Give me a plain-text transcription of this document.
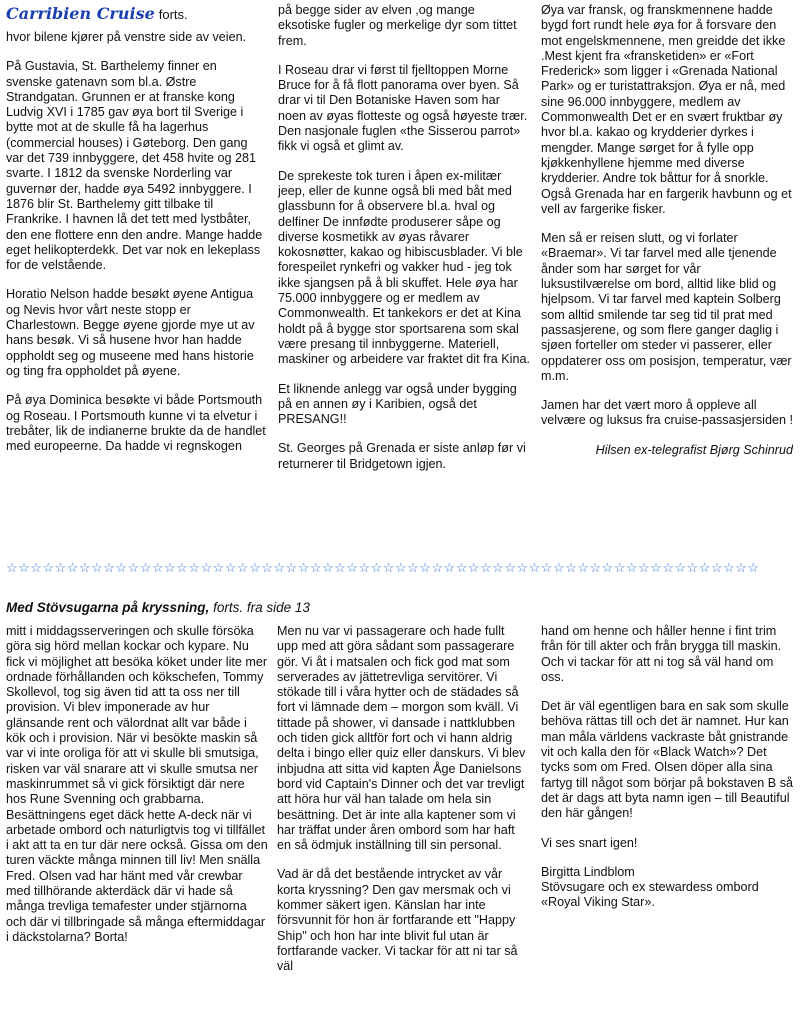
Carribien Cruise forts.

hvor bilene kjører på venstre side av veien.

På Gustavia, St. Barthelemy finner en svenske gatenavn som bl.a. Østre Strandgatan. Grunnen er at franske kong Ludvig XVI i 1785 gav øya bort til Sverige i bytte mot at de skulle få ha lagerhus (commercial houses) i Gøteborg. Den gang var det 739 innbyggere, det 458 hvite og 281 svarte. I 1812 da svenske Norderling var guvernør der, hadde øya 5492 innbyggere. I 1876 blir St. Barthelemy gitt tilbake til Frankrike. I havnen lå det tett med lystbåter, den ene flottere enn den andre. Mange hadde eget helikopterdekk. Det var nok en lekeplass for de velstående.

Horatio Nelson hadde besøkt øyene Antigua og Nevis hvor vårt neste stopp er Charlestown. Begge øyene gjorde mye ut av hans besøk. Vi så husene hvor han hadde oppholdt seg og museene med hans historie og ting fra oppholdet på øyene.

På øya Dominica besøkte vi både Portsmouth og Roseau. I Portsmouth kunne vi ta elvetur i trebåter, lik de indianerne brukte da de handlet med europeerne. Da hadde vi regnskogen

på begge sider av elven ,og mange eksotiske fugler og merkelige dyr som tittet frem.

I Roseau drar vi først til fjelltoppen Morne Bruce for å få flott panorama over byen. Så drar vi til Den Botaniske Haven som har noen av øyas flotteste og også høyeste trær. Den nasjonale fuglen «the Sisserou parrot» fikk vi også et glimt av.

De sprekeste tok turen i åpen ex-militær jeep, eller de kunne også bli med båt med glassbunn for å observere bl.a. hval og delfiner De innfødte produserer såpe og diverse kosmetikk av øyas råvarer kokosnøtter, kakao og hibiscusblader. Vi ble forespeilet rynkefri og vakker hud - jeg tok ikke sjangsen på å bli skuffet. Hele øya har 75.000 innbyggere og er medlem av Commonwealth. Et tankekors er det at Kina holdt på å bygge stor sportsarena som skal være presang til innbyggerne. Materiell, maskiner og arbeidere var fraktet dit fra Kina.

Et liknende anlegg var også under bygging på en annen øy i Karibien, også det PRESANG!!

St. Georges på Grenada er siste anløp før vi returnerer til Bridgetown igjen.

Øya var fransk, og franskmennene hadde bygd fort rundt hele øya for å forsvare den mot engelskmennene, men greidde det ikke .Mest kjent fra «fransketiden» er «Fort Frederick» som ligger i «Grenada National Park» og er turistattraksjon. Øya er nå, med sine 96.000 innbyggere, medlem av Commonwealth Det er en svært fruktbar øy hvor bl.a. kakao og krydderier dyrkes i mengder. Mange sørget for å fylle opp kjøkkenhyllene hjemme med diverse krydderier. Andre tok båttur for å snorkle. Også Grenada har en fargerik havbunn og et vell av fargerike fisker.

Men så er reisen slutt, og vi forlater «Braemar». Vi tar farvel med alle tjenende ånder som har sørget for vår luksustilværelse om bord, alltid like blid og hjelpsom. Vi tar farvel med kaptein Solberg som alltid smilende tar seg tid til prat med passasjerene, og som flere ganger daglig i sjøen forteller om steder vi passerer, eller oppdaterer oss om posisjon, temperatur, vær m.m.

Jamen har det vært moro å oppleve all velvære og luksus fra cruise-passasjersiden !

Hilsen ex-telegrafist Bjørg Schinrud

☆☆☆☆☆☆☆☆☆☆☆☆☆☆☆☆☆☆☆☆☆☆☆☆☆☆☆☆☆☆☆☆☆☆☆☆☆☆☆☆☆☆☆☆☆☆☆☆☆☆☆☆☆☆☆☆☆☆☆☆☆☆
Med Stövsugarna på kryssning, forts. fra side 13

mitt i middagsserveringen och skulle försöka göra sig hörd mellan kockar och kypare. Nu fick vi möjlighet att besöka köket under lite mer ordnade förhållanden och kökschefen, Tommy Skollevol, tog sig även tid att ta oss ner till provision. Vi blev imponerade av hur glänsande rent och välordnat allt var både i kök och i provision. När vi besökte maskin så var vi inte oroliga för att vi skulle bli smutsiga, risken var väl snarare att vi skulle smutsa ner maskinrummet så vi gick försiktigt där nere hos Rune Svenning och grabbarna. Besättningens eget däck hette A-deck när vi arbetade ombord och naturligtvis tog vi tillfället i akt att ta en tur där nere också. Gissa om den turen väckte många minnen till liv! Men snälla Fred. Olsen vad har hänt med vår crewbar med tillhörande akterdäck där vi hade så många trevliga temafester under stjärnorna och där vi tillbringade så många eftermiddagar i däckstolarna? Borta!

Men nu var vi passagerare och hade fullt upp med att göra sådant som passagerare gör. Vi åt i matsalen och fick god mat som serverades av jättetrevliga servitörer. Vi stökade till i våra hytter och de städades så fort vi lämnade dem – morgon som kväll. Vi tittade på shower, vi dansade i nattklubben och tiden gick alltför fort och vi hann aldrig delta i bingo eller quiz eller danskurs. Vi blev inbjudna att sitta vid kapten Åge Danielsons bord vid Captain's Dinner och det var trevligt att höra hur väl han talade om hela sin besättning. Det är inte alla kaptener som vi har träffat under åren ombord som har haft en så ödmjuk inställning till sin personal.

Vad är då det bestående intrycket av vår korta kryssning? Den gav mersmak och vi kommer säkert igen. Känslan har inte försvunnit för hon är fortfarande ett "Happy Ship" och hon har inte blivit ful utan är fortfarande vacker. Vi tackar för att ni tar så väl

hand om henne och håller henne i fint trim från för till akter och från brygga till maskin. Och vi tackar för att ni tog så väl hand om oss.

Det är väl egentligen bara en sak som skulle behöva rättas till och det är namnet. Hur kan man måla världens vackraste båt gnistrande vit och kalla den för «Black Watch»? Det tycks som om Fred. Olsen döper alla sina fartyg till något som börjar på bokstaven B så det är dags att byta namn igen – till Beautiful den här gången!

Vi ses snart igen!

Birgitta Lindblom

Stövsugare och ex stewardess ombord «Royal Viking Star».
